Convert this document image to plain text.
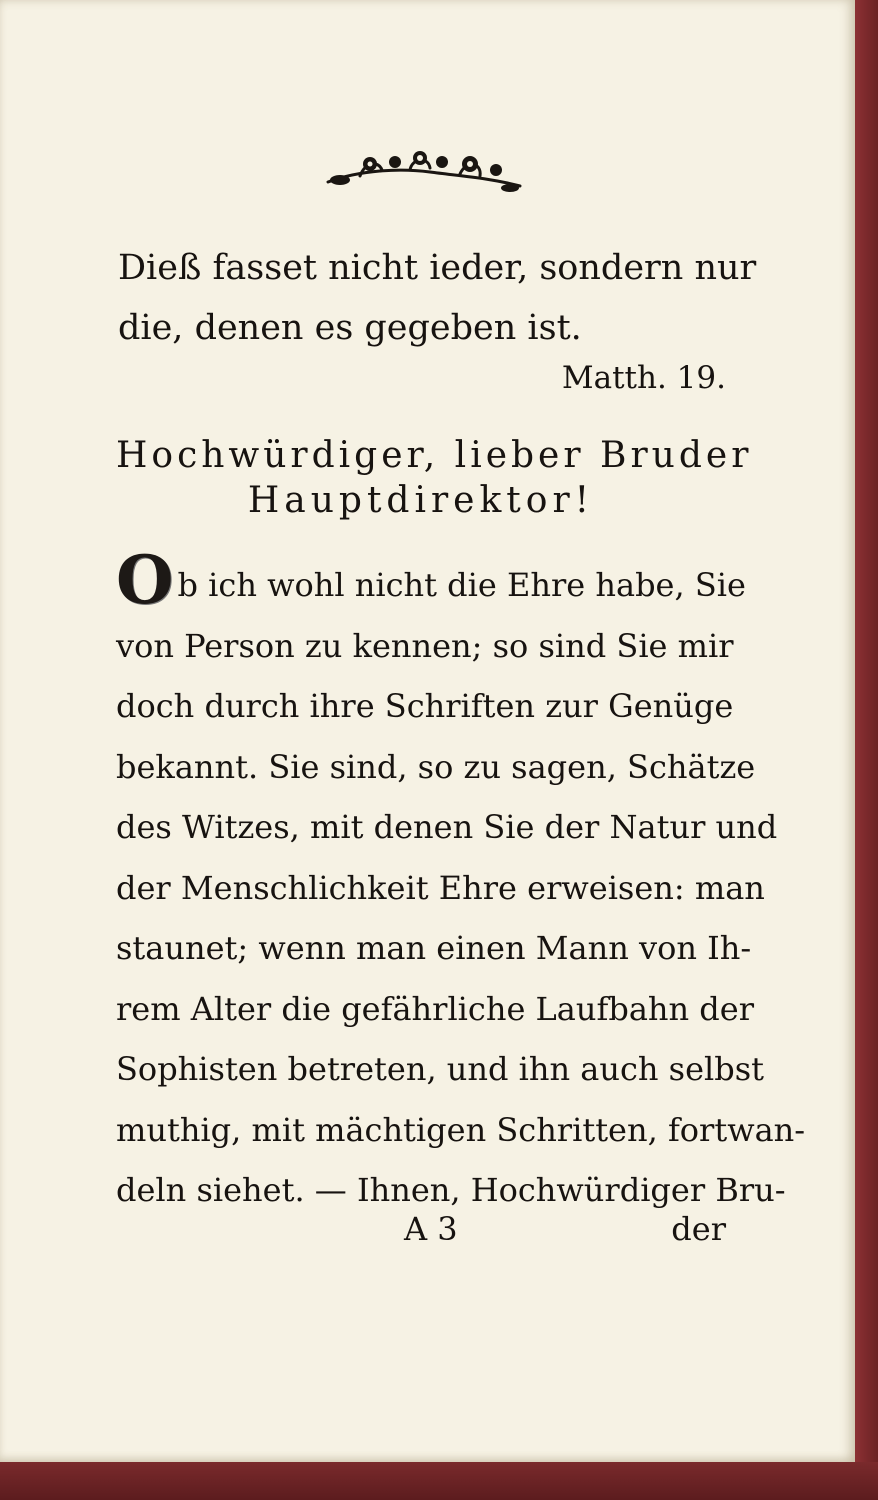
Dieß fasset nicht ieder, sondern nur
die, denen es gegeben ist.
Matth. 19.
Hochwürdiger, lieber Bruder
Hauptdirektor!
Ob ich wohl nicht die Ehre habe, Sie
von Person zu kennen; so sind Sie mir
doch durch ihre Schriften zur Genüge
bekannt. Sie sind, so zu sagen, Schätze
des Witzes, mit denen Sie der Natur und
der Menschlichkeit Ehre erweisen: man
staunet; wenn man einen Mann von Ih-
rem Alter die gefährliche Laufbahn der
Sophisten betreten, und ihn auch selbst
muthig, mit mächtigen Schritten, fortwan-
deln siehet. — Ihnen, Hochwürdiger Bru-
A 3	der
